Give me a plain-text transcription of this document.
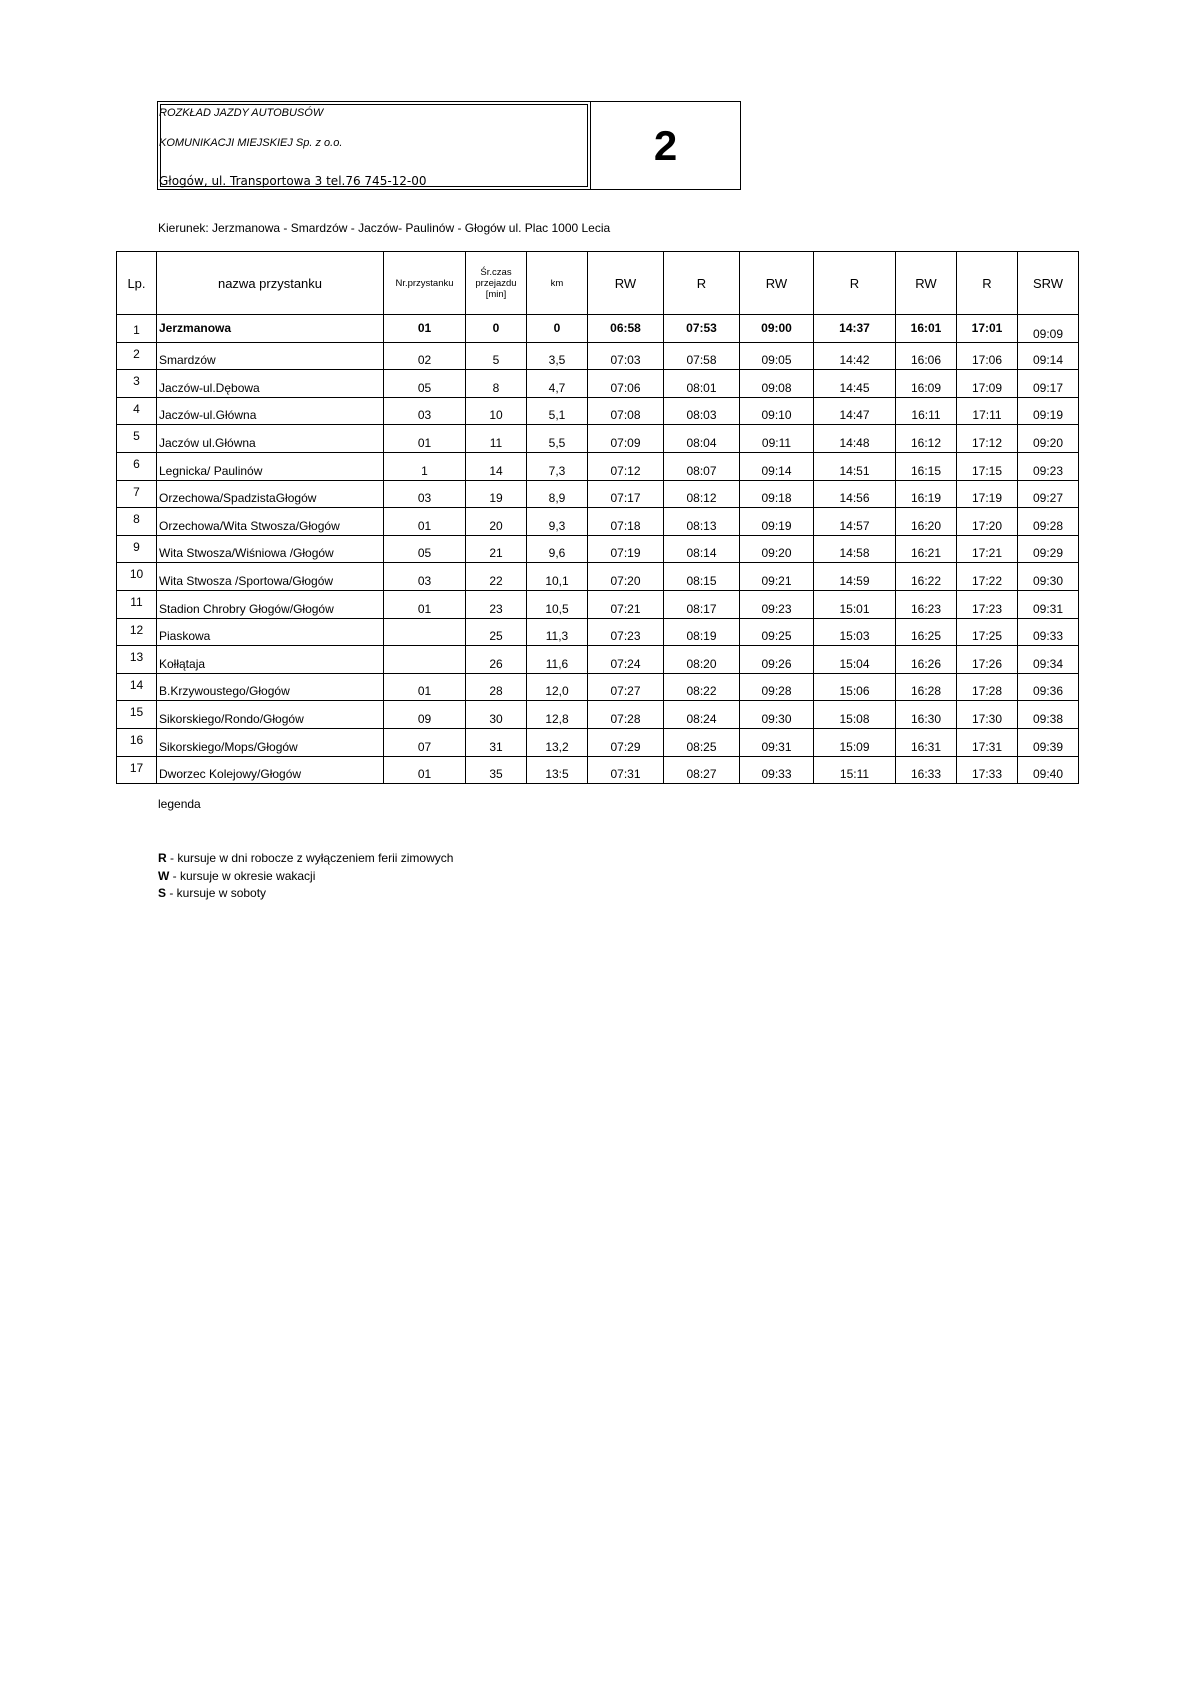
ROZKŁAD JAZDY AUTOBUSÓW
KOMUNIKACJI MIEJSKIEJ Sp. z o.o.
Głogów, ul. Transportowa 3 tel.76 745-12-00
2
Kierunek: Jerzmanowa - Smardzów - Jaczów- Paulinów - Głogów ul. Plac 1000 Lecia
Lp.	nazwa przystanku	Nr.przystanku	Śr.czas
przejazdu
[min]	km	RW	R	RW	R	RW	R	SRW
1	Jerzmanowa	01	0	0	06:58	07:53	09:00	14:37	16:01	17:01	09:09
2	Smardzów	02	5	3,5	07:03	07:58	09:05	14:42	16:06	17:06	09:14
3	Jaczów-ul.Dębowa	05	8	4,7	07:06	08:01	09:08	14:45	16:09	17:09	09:17
4	Jaczów-ul.Główna	03	10	5,1	07:08	08:03	09:10	14:47	16:11	17:11	09:19
5	Jaczów ul.Główna	01	11	5,5	07:09	08:04	09:11	14:48	16:12	17:12	09:20
6	Legnicka/ Paulinów	1	14	7,3	07:12	08:07	09:14	14:51	16:15	17:15	09:23
7	Orzechowa/SpadzistaGłogów	03	19	8,9	07:17	08:12	09:18	14:56	16:19	17:19	09:27
8	Orzechowa/Wita Stwosza/Głogów	01	20	9,3	07:18	08:13	09:19	14:57	16:20	17:20	09:28
9	Wita Stwosza/Wiśniowa /Głogów	05	21	9,6	07:19	08:14	09:20	14:58	16:21	17:21	09:29
10	Wita Stwosza /Sportowa/Głogów	03	22	10,1	07:20	08:15	09:21	14:59	16:22	17:22	09:30
11	Stadion Chrobry Głogów/Głogów	01	23	10,5	07:21	08:17	09:23	15:01	16:23	17:23	09:31
12	Piaskowa		25	11,3	07:23	08:19	09:25	15:03	16:25	17:25	09:33
13	Kołłątaja		26	11,6	07:24	08:20	09:26	15:04	16:26	17:26	09:34
14	B.Krzywoustego/Głogów	01	28	12,0	07:27	08:22	09:28	15:06	16:28	17:28	09:36
15	Sikorskiego/Rondo/Głogów	09	30	12,8	07:28	08:24	09:30	15:08	16:30	17:30	09:38
16	Sikorskiego/Mops/Głogów	07	31	13,2	07:29	08:25	09:31	15:09	16:31	17:31	09:39
17	Dworzec Kolejowy/Głogów	01	35	13:5	07:31	08:27	09:33	15:11	16:33	17:33	09:40
legenda
R - kursuje w dni robocze z wyłączeniem ferii zimowych
W - kursuje w okresie wakacji
S - kursuje w soboty
